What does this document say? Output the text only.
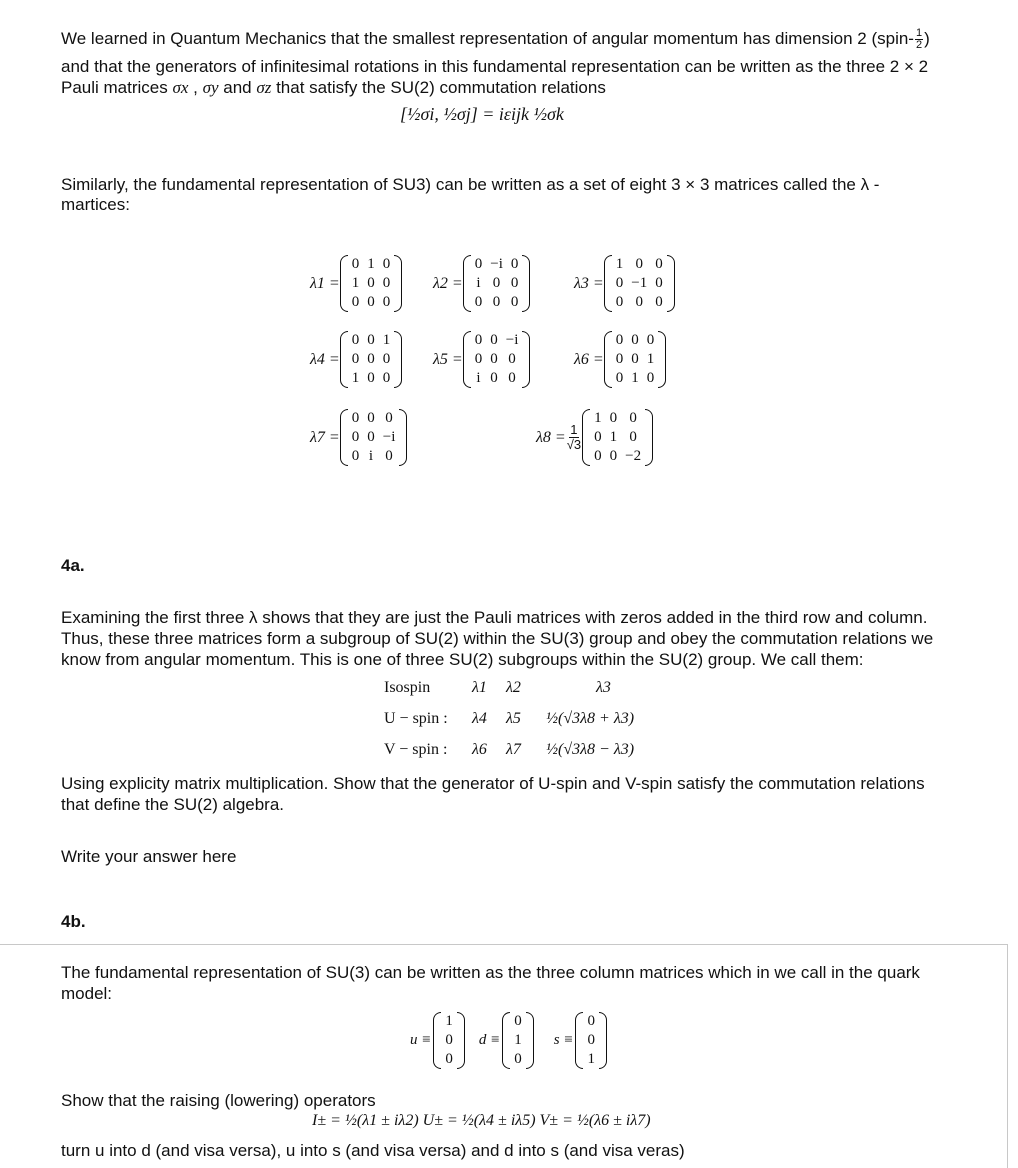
We learned in Quantum Mechanics that the smallest representation of angular momentum has dimension 2 (spin- $\frac{1}{2}$ )
and that the generators of infinitesimal rotations in this fundamental representation can be written as the three 2 × 2
Pauli matrices σx , σy and σz that satisfy the SU(2) commutation relations
[½σi, ½σj] = iεijk ½σk
Similarly, the fundamental representation of SU3) can be written as a set of eight 3 × 3 matrices called the λ -
martices:
λ1 =
0	1	0
1	0	0
0	0	0
λ2 =
0	−i	0
i	0	0
0	0	0
λ3 =
1	0	0
0	−1	0
0	0	0
λ4 =
0	0	1
0	0	0
1	0	0
λ5 =
0	0	−i
0	0	0
i	0	0
λ6 =
0	0	0
0	0	1
0	1	0
λ7 =
0	0	0
0	0	−i
0	i	0
$\lambda 8 = \frac{1}{√3}$
1	0	0
0	1	0
0	0	−2
4a.
Examining the first three λ shows that they are just the Pauli matrices with zeros added in the third row and column.
Thus, these three matrices form a subgroup of SU(2) within the SU(3) group and obey the commutation relations we
know from angular momentum. This is one of three SU(2) subgroups within the SU(2) group. We call them:
Isospin	λ1	λ2	λ3
U − spin :	λ4	λ5	½(√3λ8 + λ3)
V − spin :	λ6	λ7	½(√3λ8 − λ3)
Using explicity matrix multiplication. Show that the generator of U-spin and V-spin satisfy the commutation relations
that define the SU(2) algebra.
Write your answer here
4b.
The fundamental representation of SU(3) can be written as the three column matrices which in we call in the quark
model:
u ≡
1
0
0
d ≡
0
1
0
s ≡
0
0
1
Show that the raising (lowering) operators
I± = ½(λ1 ± iλ2) U± = ½(λ4 ± iλ5) V± = ½(λ6 ± iλ7)
turn u into d (and visa versa), u into s (and visa versa) and d into s (and visa veras)
